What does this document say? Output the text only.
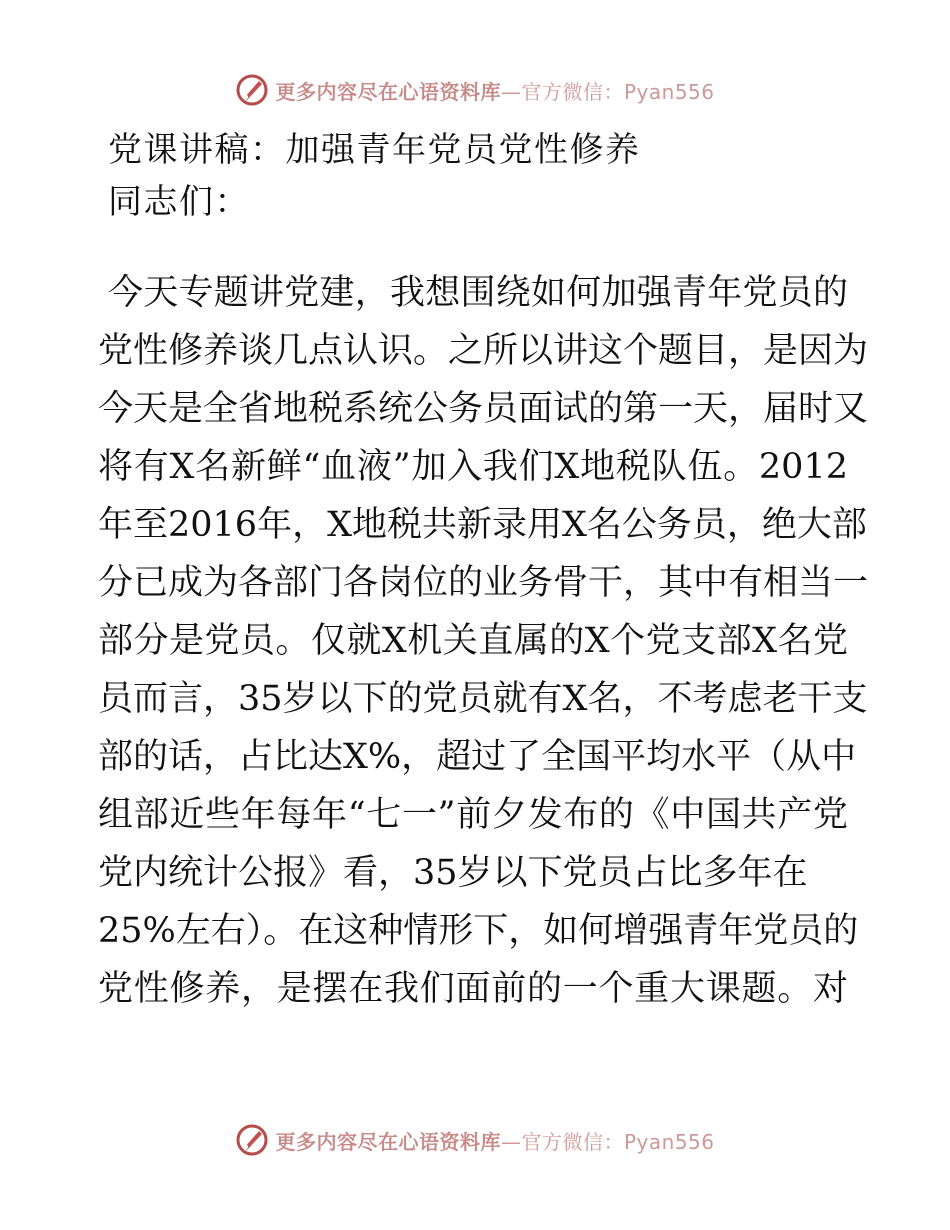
更多内容尽在心语资料库—官方微信：Pyan556
党课讲稿：加强青年党员党性修养

同志们：

今天专题讲党建，我想围绕如何加强青年党员的
党性修养谈几点认识。之所以讲这个题目，是因为
今天是全省地税系统公务员面试的第一天，届时又
将有X名新鲜“血液”加入我们X地税队伍。2012
年至2016年，X地税共新录用X名公务员，绝大部
分已成为各部门各岗位的业务骨干，其中有相当一
部分是党员。仅就X机关直属的X个党支部X名党
员而言，35岁以下的党员就有X名，不考虑老干支
部的话，占比达X%，超过了全国平均水平（从中
组部近些年每年“七一”前夕发布的《中国共产党
党内统计公报》看，35岁以下党员占比多年在
25%左右）。在这种情形下，如何增强青年党员的
党性修养，是摆在我们面前的一个重大课题。对
更多内容尽在心语资料库—官方微信：Pyan556
